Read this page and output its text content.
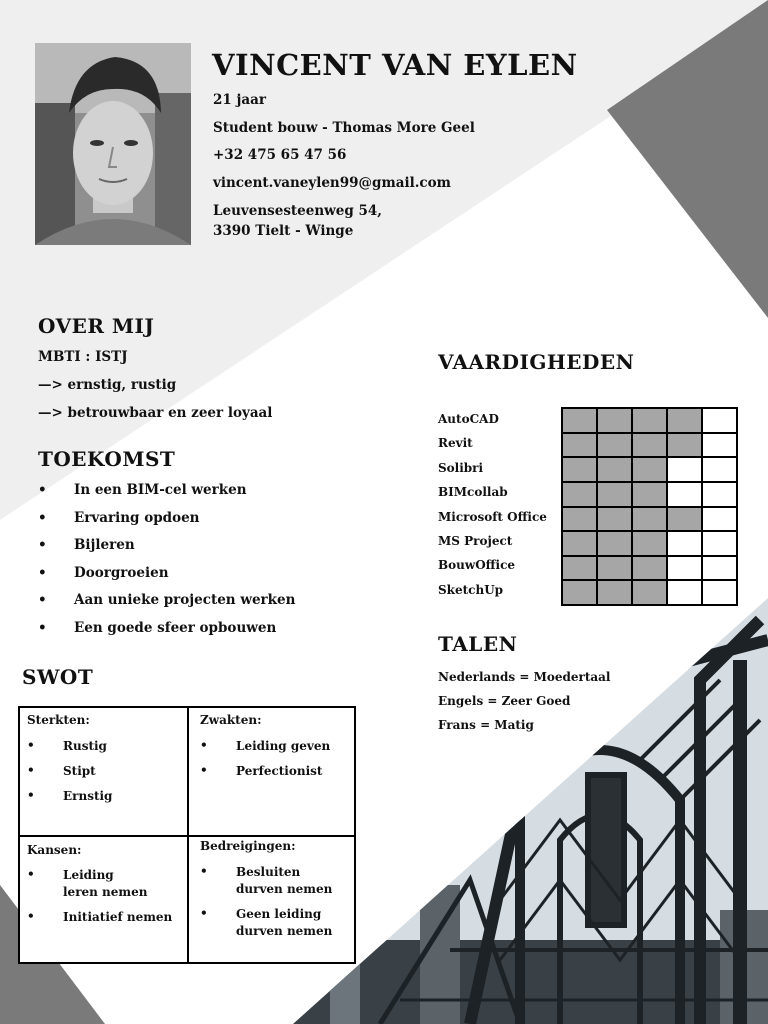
VINCENT VAN EYLEN
21 jaar
Student bouw - Thomas More Geel
+32 475 65 47 56
vincent.vaneylen99@gmail.com
Leuvensesteenweg 54,
3390 Tielt - Winge
OVER MIJ
MBTI : ISTJ
—> ernstig, rustig
—> betrouwbaar en zeer loyaal
TOEKOMST
• In een BIM-cel werken
• Ervaring opdoen
• Bijleren
• Doorgroeien
• Aan unieke projecten werken
• Een goede sfeer opbouwen
VAARDIGHEDEN
AutoCAD
Revit
Solibri
BIMcollab
Microsoft Office
MS Project
BouwOffice
SketchUp
TALEN
Nederlands = Moedertaal
Engels = Zeer Goed
Frans = Matig
SWOT
Sterkten:
• Rustig
• Stipt
• Ernstig
Zwakten:
• Leiding geven
• Perfectionist
Kansen:
• Leiding leren nemen
• Initiatief nemen
Bedreigingen:
• Besluiten durven nemen
• Geen leiding durven nemen
